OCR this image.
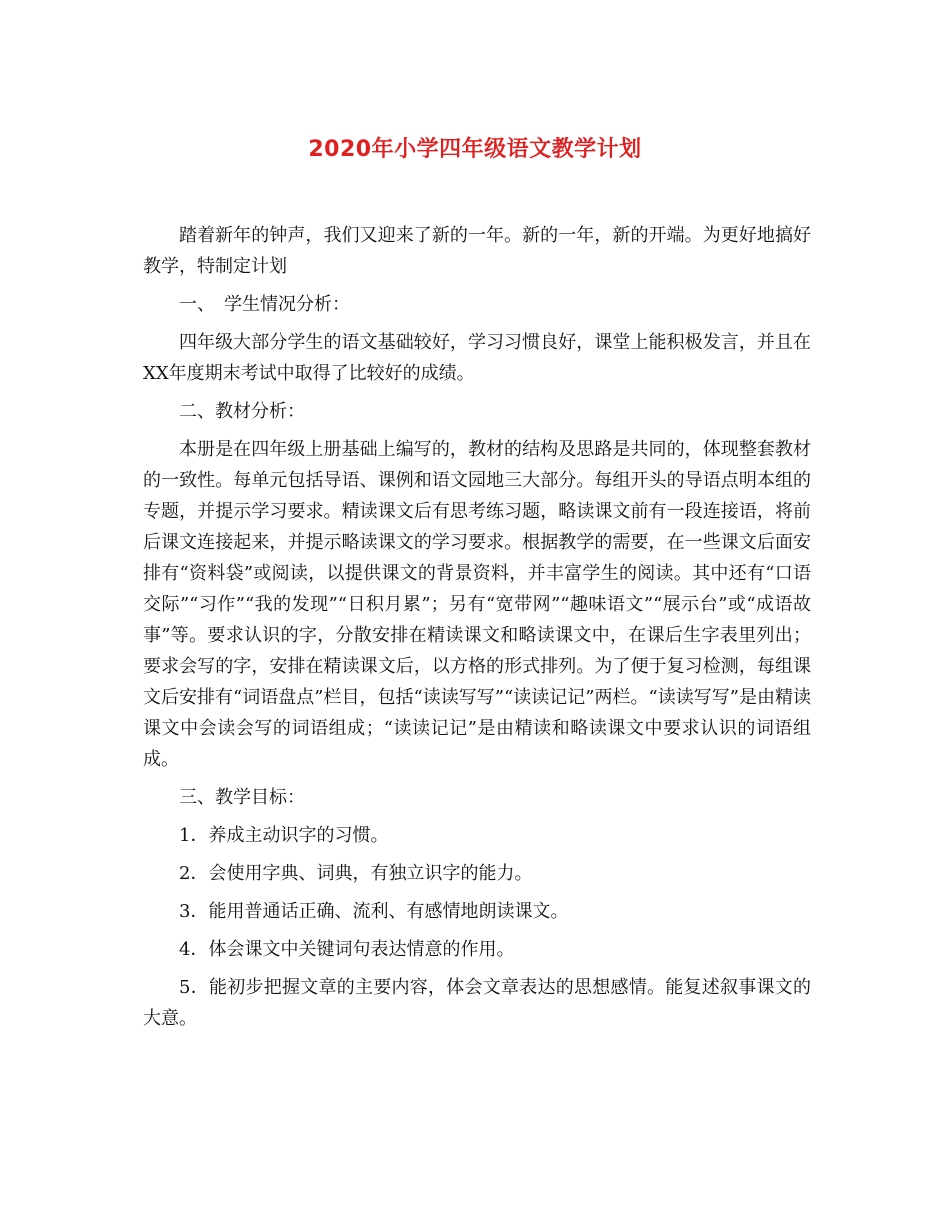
2020年小学四年级语文教学计划

踏着新年的钟声，我们又迎来了新的一年。新的一年，新的开端。为更好地搞好教学，特制定计划

一、　学生情况分析：

四年级大部分学生的语文基础较好，学习习惯良好，课堂上能积极发言，并且在XX年度期末考试中取得了比较好的成绩。

二、教材分析：

本册是在四年级上册基础上编写的，教材的结构及思路是共同的，体现整套教材的一致性。每单元包括导语、课例和语文园地三大部分。每组开头的导语点明本组的专题，并提示学习要求。精读课文后有思考练习题，略读课文前有一段连接语，将前后课文连接起来，并提示略读课文的学习要求。根据教学的需要，在一些课文后面安排有“资料袋”或阅读，以提供课文的背景资料，并丰富学生的阅读。其中还有“口语交际”“习作”“我的发现”“日积月累”；另有“宽带网”“趣味语文”“展示台”或“成语故事”等。要求认识的字，分散安排在精读课文和略读课文中，在课后生字表里列出；要求会写的字，安排在精读课文后，以方格的形式排列。为了便于复习检测，每组课文后安排有“词语盘点”栏目，包括“读读写写”“读读记记”两栏。“读读写写”是由精读课文中会读会写的词语组成；“读读记记”是由精读和略读课文中要求认识的词语组成。

三、教学目标：

1．养成主动识字的习惯。

2．会使用字典、词典，有独立识字的能力。

3．能用普通话正确、流利、有感情地朗读课文。

4．体会课文中关键词句表达情意的作用。

5．能初步把握文章的主要内容，体会文章表达的思想感情。能复述叙事课文的大意。
